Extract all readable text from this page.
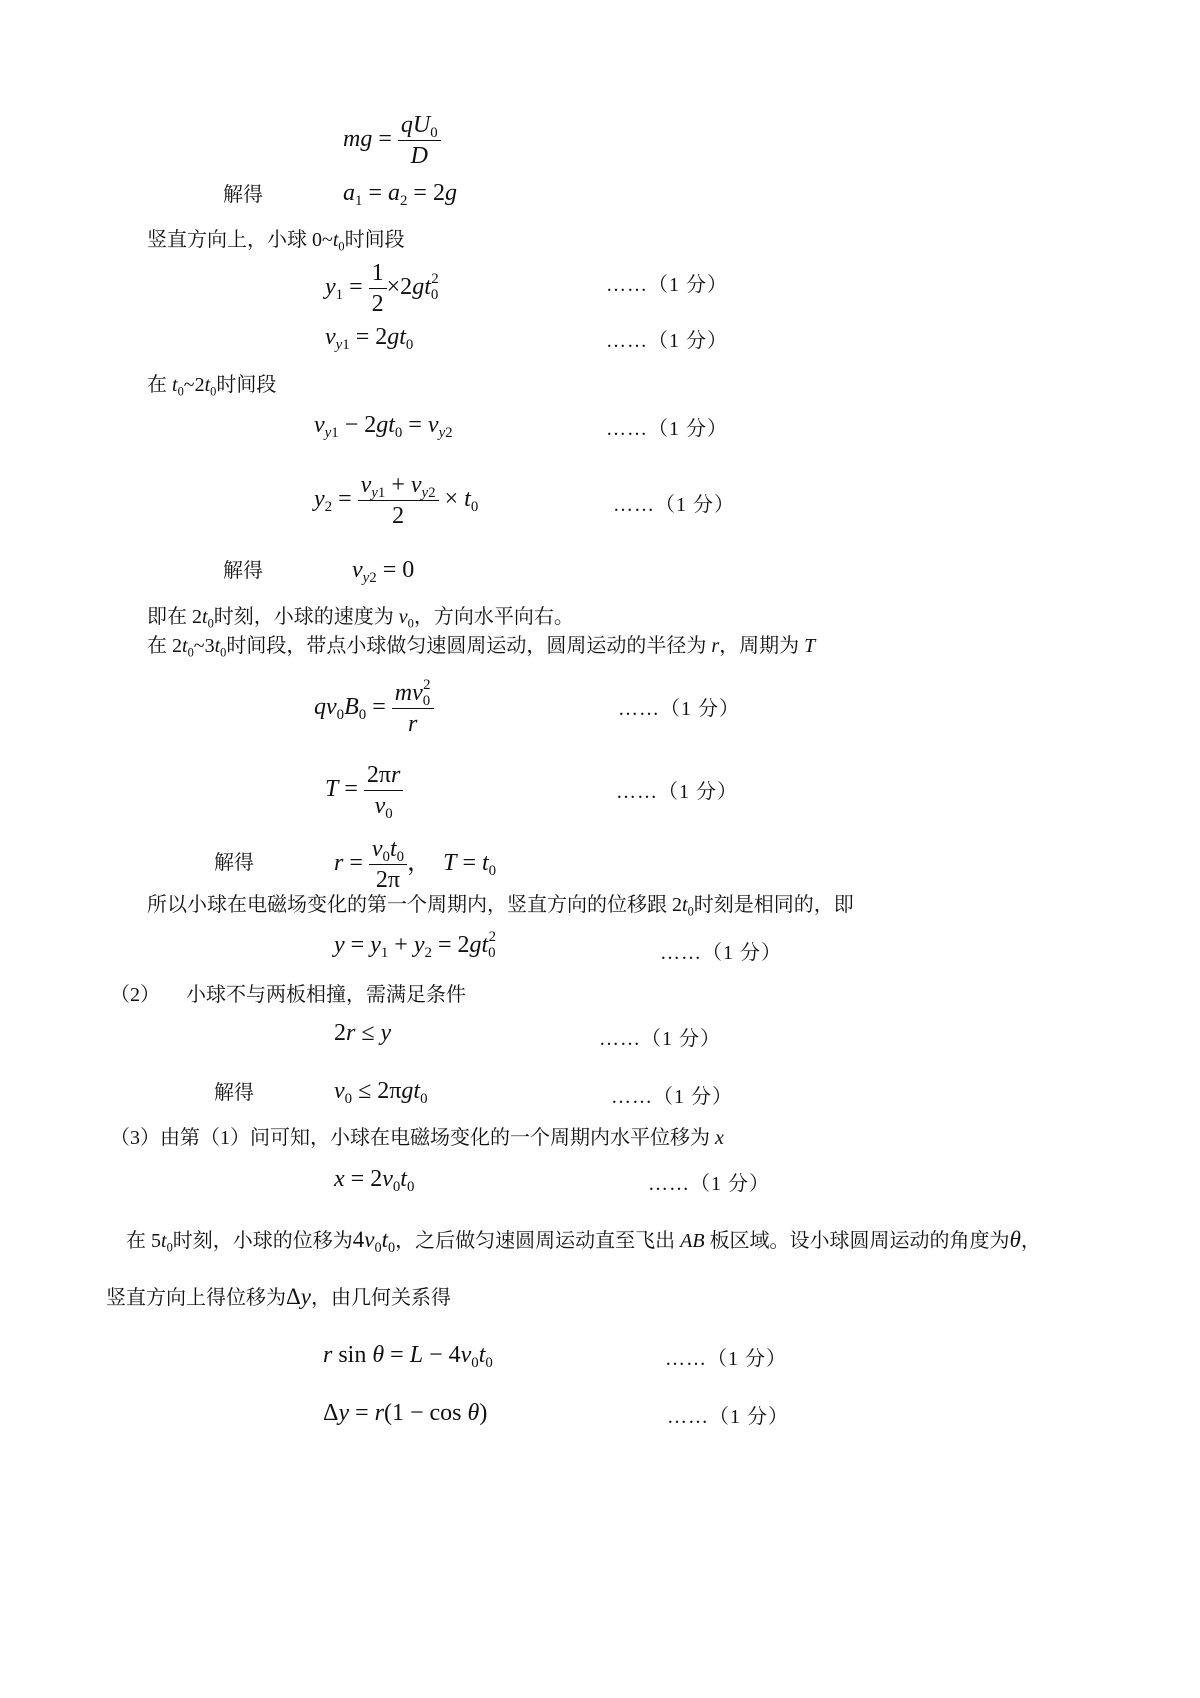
mg = $\frac{qU_0}{D}$
解得	$a_1 = a_2 = 2g$
竖直方向上，小球 $0\sim t_0$时间段
$y_1 = \frac{1}{2} \times 2gt_0^2$	……（1 分）
$v_{y1} = 2gt_0$	……（1 分）
在 $t_0\sim 2t_0$时间段
$v_{y1} - 2gt_0 = v_{y2}$	……（1 分）
$y_2 = \frac{v_{y1} + v_{y2}}{2} \times t_0$	……（1 分）
解得	$v_{y2} = 0$
即在 $2t_0$时刻，小球的速度为 $v_0$，方向水平向右。
在 $2t_0\sim 3t_0$时间段，带点小球做匀速圆周运动，圆周运动的半径为 r，周期为 T
$qv_0B_0 = \frac{mv_0^2}{r}$	……（1 分）
$T = \frac{2\pi r}{v_0}$	……（1 分）
解得	$r = \frac{v_0t_0}{2\pi}$ ， $T = t_0$
所以小球在电磁场变化的第一个周期内，竖直方向的位移跟 $2t_0$时刻是相同的，即
$y = y_1 + y_2 = 2gt_0^2$
……（1 分）
（2） 小球不与两板相撞，需满足条件
2r ≤ y	……（1 分）
解得	$v_0 \le 2\pi gt_0$	……（1 分）
（3）由第（1）问可知，小球在电磁场变化的一个周期内水平位移为 x
$x = 2v_0t_0$	……（1 分）
在 $5t_0$时刻，小球的位移为$4v_0t_0$，之后做匀速圆周运动直至飞出 AB 板区域。设小球圆周运动的角度为θ，
竖直方向上得位移为Δy，由几何关系得
r $\sin \theta = L - 4v_0t_0$	……（1 分）
Δy = r(1 − cos θ)	……（1 分）
